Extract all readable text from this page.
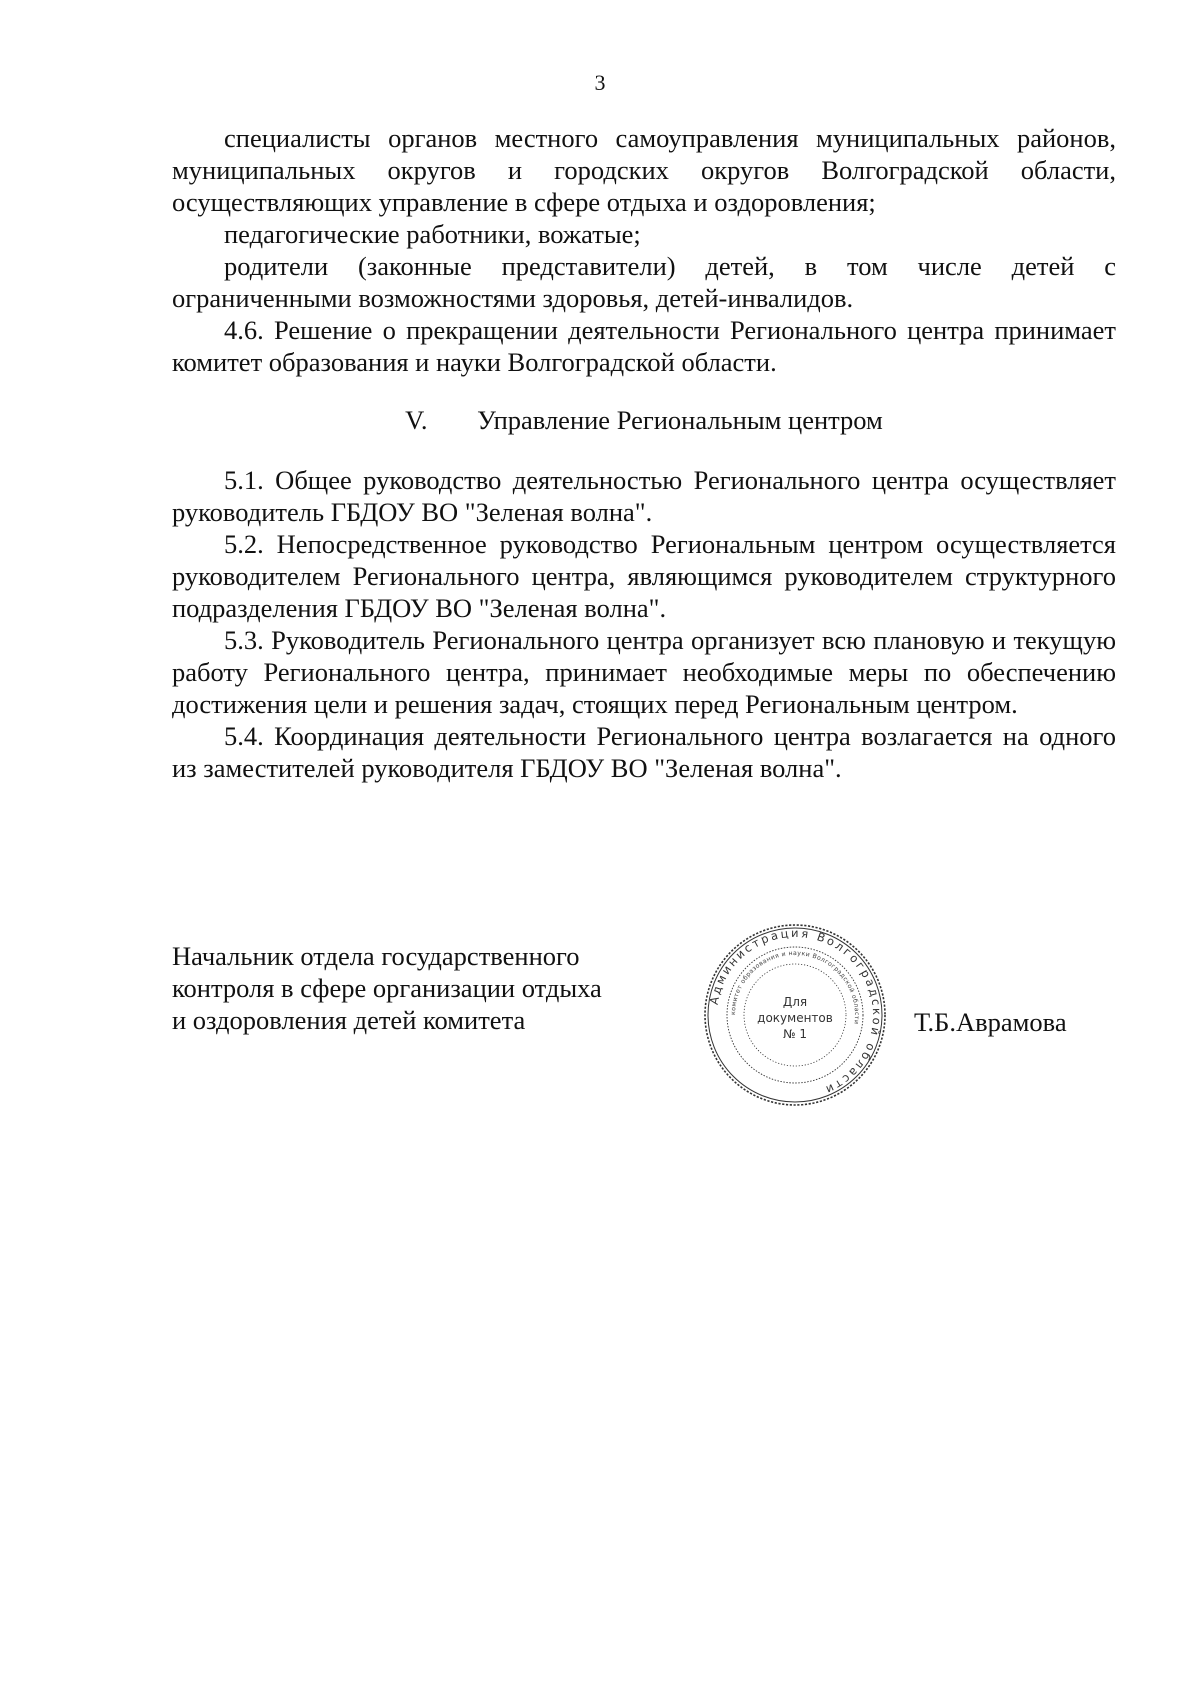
3

специалисты органов местного самоуправления муниципальных районов, муниципальных округов и городских округов Волгоградской области, осуществляющих управление в сфере отдыха и оздоровления;

педагогические работники, вожатые;

родители (законные представители) детей, в том числе детей с ограниченными возможностями здоровья, детей-инвалидов.

4.6. Решение о прекращении деятельности Регионального центра принимает комитет образования и науки Волгоградской области.

V. Управление Региональным центром

5.1. Общее руководство деятельностью Регионального центра осуществляет руководитель ГБДОУ ВО "Зеленая волна".

5.2. Непосредственное руководство Региональным центром осуществляется руководителем Регионального центра, являющимся руководителем структурного подразделения ГБДОУ ВО "Зеленая волна".

5.3. Руководитель Регионального центра организует всю плановую и текущую работу Регионального центра, принимает необходимые меры по обеспечению достижения цели и решения задач, стоящих перед Региональным центром.

5.4. Координация деятельности Регионального центра возлагается на одного из заместителей руководителя ГБДОУ ВО "Зеленая волна".

Начальник отдела государственного
контроля в сфере организации отдыха
и оздоровления детей комитета
Администрация Волгоградской области
комитет образования и науки Волгоградской области
Для
документов
№ 1	Т.Б.Аврамова
